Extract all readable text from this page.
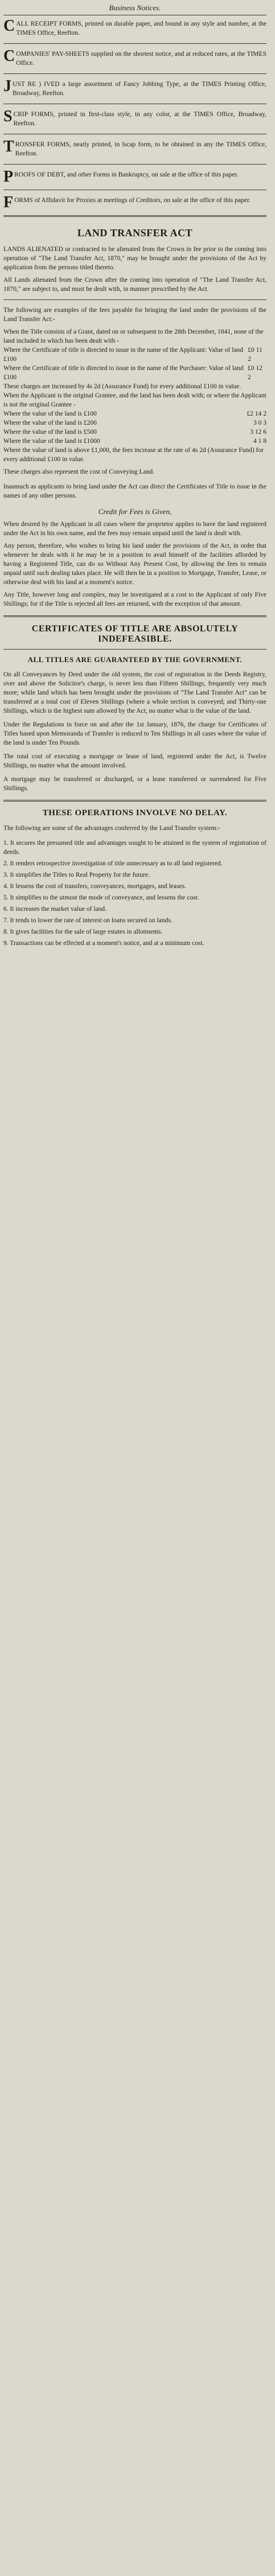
Business Notices.
C ALL RECEIPT FORMS, printed on durable paper, and bound in any style and number, at the TIMES Office, Reefton.
C OMPANIES' PAY-SHEETS supplied on the shortest notice, and at reduced rates, at the TIMES Office.
J UST RE ) IVED a large assortment of Fancy Jobbing Type, at the TIMES Printing Office, Broadway, Reefton.
S CRIP FORMS, printed in first-class style, in any color, at the TIMES Office, Broadway, Reefton.
T RONSFER FORMS, neatly printed, in lscap form, to be obtained in any the TIMES Office, Reefton.
P ROOFS OF DEBT, and other Forms in Bankruptcy, on sale at the office of this paper.
F ORMS of Affidavit for Proxies at meetings of Creditors, on sale at the office of this paper.
LAND TRANSFER ACT
LANDS ALIENATED or contracted to be alienated from the Crown in fee prior to the coming into operation of "The Land Transfer Act, 1870," may be brought under the provisions of the Act by application from the persons titled thereto.
All Lands alienated from the Crown after the coming into operation of "The Land Transfer Act, 1870," are subject to, and must be dealt with, in manner prescribed by the Act.
The following are examples of the fees payable for bringing the land under the provisions of the Land Transfer Act:-
When the Title consists of a Grant, dated on or subsequent to the 28th December, 1841, none of the land included in which has been dealt with -
Where the Certificate of title is directed to issue in the name of the Applicant: Value of land £100
£0 11 2
Where the Certificate of title is directed to issue in the name of the Purchaser: Value of land £100
£0 12 2
These charges are increased by 4s 2d (Assurance Fund) for every additional £100 in value.
When the Applicant is the original Grantee, and the land has been dealt with; or where the Applicant is not the original Grantee -
Where the value of the land is £100	£2 14 2
Where the value of the land is £200	3 0 3
Where the value of the land is £500	3 12 6
Where the value of the land is £1000	4 1 8
Where the value of land is above £1,000, the fees increase at the rate of 4s 2d (Assurance Fund) for every additional £100 in value.
These charges also represent the cost of Conveying Land.
Inasmuch as applicants to bring land under the Act can direct the Certificates of Title to issue in the names of any other persons.
Credit for Fees is Given,
When desired by the Applicant in all cases where the proprietor applies to have the land registered under the Act in his own name, and the fees may remain unpaid until the land is dealt with.
Any person, therefore, who wishes to bring his land under the provisions of the Act, in order that whenever he deals with it he may be in a position to avail himself of the facilities afforded by having a Registered Title, can do so Without Any Present Cost, by allowing the fees to remain unpaid until such dealing takes place. He will then be in a position to Mortgage, Transfer, Lease, or otherwise deal with his land at a moment's notice.
Any Title, however long and complex, may be investigated at a cost to the Applicant of only Five Shillings; for if the Title is rejected all fees are returned, with the exception of that amount.
CERTIFICATES OF TITLE ARE ABSOLUTELY INDEFEASIBLE.
ALL TITLES ARE GUARANTEED BY THE GOVERNMENT.
On all Conveyances by Deed under the old system, the cost of registration in the Deeds Registry, over and above the Solicitor's charge, is never less than Fifteen Shillings, frequently very much more; while land which has been brought under the provisions of "The Land Transfer Act" can be transferred at a total cost of Eleven Shillings (where a whole section is conveyed; and Thirty-one Shillings, which is the highest sum allowed by the Act, no matter what is the value of the land.
Under the Regulations in force on and after the 1st January, 1876, the charge for Certificates of Titles based upon Memoranda of Transfer is reduced to Ten Shillings in all cases where the value of the land is under Ten Pounds.
The total cost of executing a mortgage or lease of land, registered under the Act, is Twelve Shillings, no matter what the amount involved.
A mortgage may be transferred or discharged, or a lease transferred or surrendered for Five Shillings.
THESE OPERATIONS INVOLVE NO DELAY.
The following are some of the advantages conferred by the Land Transfer system:-
1. It secures the presumed title and advantages sought to be attained in the system of registration of deeds.
2. It renders retrospective investigation of title unnecessary as to all land registered.
3. It simplifies the Titles to Real Property for the future.
4. It lessens the cost of transfers, conveyances, mortgages, and leases.
5. It simplifies to the utmost the mode of conveyance, and lessens the cost.
6. It increases the market value of land.
7. It tends to lower the rate of interest on loans secured on lands.
8. It gives facilities for the sale of large estates in allotments.
9. Transactions can be effected at a moment's notice, and at a minimum cost.
